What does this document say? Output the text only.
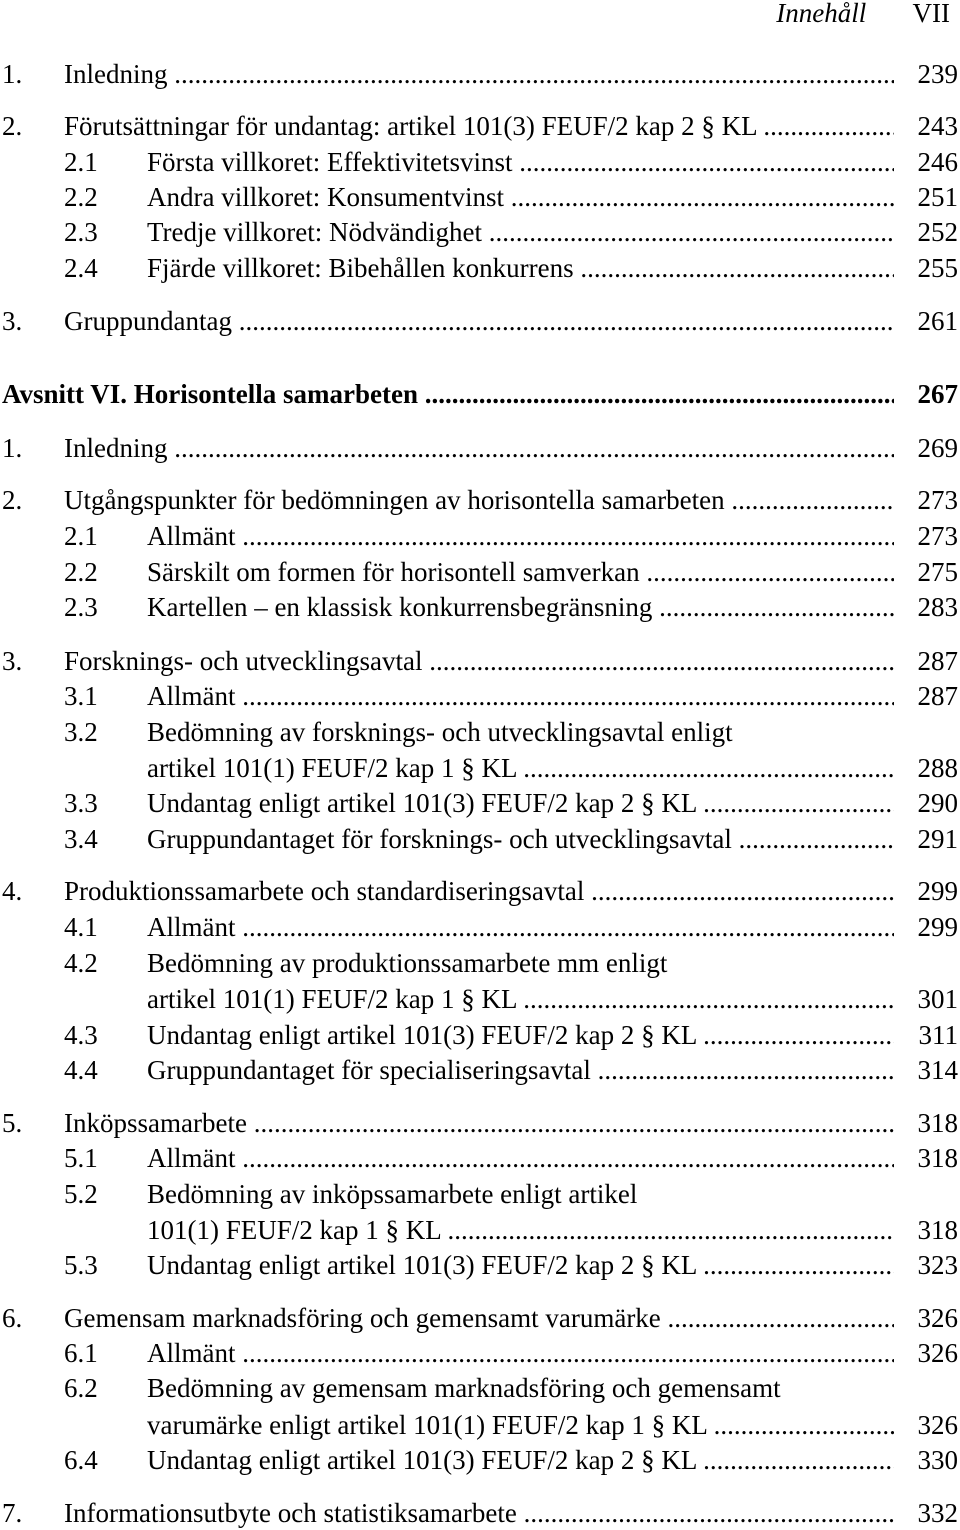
Innehåll VII
1. Inledning .....	239
2. Förutsättningar för undantag: artikel 101(3) FEUF/2 kap 2 § KL .....	243
2.1 Första villkoret: Effektivitetsvinst .....	246
2.2 Andra villkoret: Konsumentvinst .....	251
2.3 Tredje villkoret: Nödvändighet .....	252
2.4 Fjärde villkoret: Bibehållen konkurrens .....	255
3. Gruppundantag .....	261
Avsnitt VI. Horisontella samarbeten .....	267
1. Inledning .....	269
2. Utgångspunkter för bedömningen av horisontella samarbeten .....	273
2.1 Allmänt .....	273
2.2 Särskilt om formen för horisontell samverkan .....	275
2.3 Kartellen – en klassisk konkurrensbegränsning .....	283
3. Forsknings- och utvecklingsavtal .....	287
3.1 Allmänt .....	287
3.2 Bedömning av forsknings- och utvecklingsavtal enligt
artikel 101(1) FEUF/2 kap 1 § KL .....	288
3.3 Undantag enligt artikel 101(3) FEUF/2 kap 2 § KL .....	290
3.4 Gruppundantaget för forsknings- och utvecklingsavtal .....	291
4. Produktionssamarbete och standardiseringsavtal .....	299
4.1 Allmänt .....	299
4.2 Bedömning av produktionssamarbete mm enligt
artikel 101(1) FEUF/2 kap 1 § KL .....	301
4.3 Undantag enligt artikel 101(3) FEUF/2 kap 2 § KL .....	311
4.4 Gruppundantaget för specialiseringsavtal .....	314
5. Inköpssamarbete .....	318
5.1 Allmänt .....	318
5.2 Bedömning av inköpssamarbete enligt artikel
101(1) FEUF/2 kap 1 § KL .....	318
5.3 Undantag enligt artikel 101(3) FEUF/2 kap 2 § KL .....	323
6. Gemensam marknadsföring och gemensamt varumärke .....	326
6.1 Allmänt .....	326
6.2 Bedömning av gemensam marknadsföring och gemensamt
varumärke enligt artikel 101(1) FEUF/2 kap 1 § KL .....	326
6.4 Undantag enligt artikel 101(3) FEUF/2 kap 2 § KL .....	330
7. Informationsutbyte och statistiksamarbete .....	332
